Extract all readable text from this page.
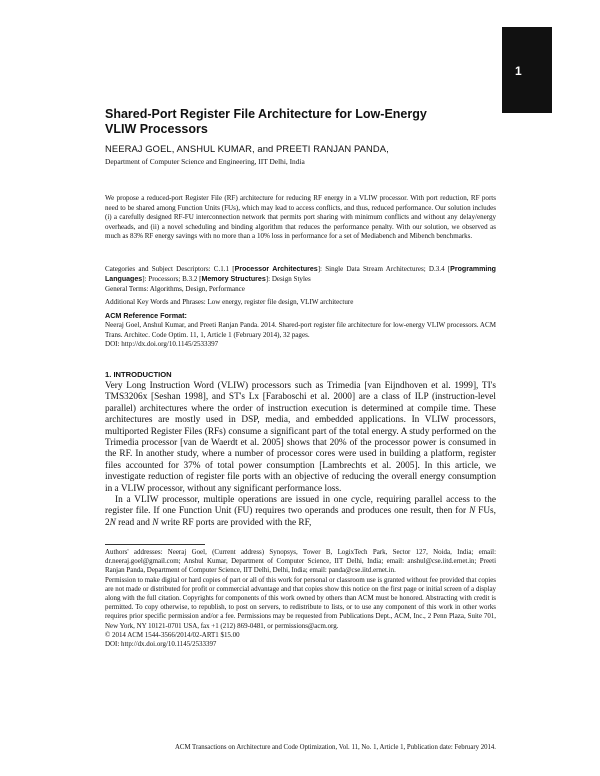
1
Shared-Port Register File Architecture for Low-Energy
VLIW Processors

NEERAJ GOEL, ANSHUL KUMAR, and PREETI RANJAN PANDA,

Department of Computer Science and Engineering, IIT Delhi, India

We propose a reduced-port Register File (RF) architecture for reducing RF energy in a VLIW processor. With port reduction, RF ports need to be shared among Function Units (FUs), which may lead to access conflicts, and thus, reduced performance. Our solution includes (i) a carefully designed RF-FU interconnection network that permits port sharing with minimum conflicts and without any delay/energy overheads, and (ii) a novel scheduling and binding algorithm that reduces the performance penalty. With our solution, we observed as much as 83% RF energy savings with no more than a 10% loss in performance for a set of Mediabench and Mibench benchmarks.

Categories and Subject Descriptors: C.1.1 [Processor Architectures]: Single Data Stream Architectures; D.3.4 [Programming Languages]: Processors; B.3.2 [Memory Structures]: Design Styles

General Terms: Algorithms, Design, Performance

Additional Key Words and Phrases: Low energy, register file design, VLIW architecture

ACM Reference Format:

Neeraj Goel, Anshul Kumar, and Preeti Ranjan Panda. 2014. Shared-port register file architecture for low-energy VLIW processors. ACM Trans. Architec. Code Optim. 11, 1, Article 1 (February 2014), 32 pages.
DOI: http://dx.doi.org/10.1145/2533397

1. INTRODUCTION

Very Long Instruction Word (VLIW) processors such as Trimedia [van Eijndhoven et al. 1999], TI's TMS3206x [Seshan 1998], and ST's Lx [Faraboschi et al. 2000] are a class of ILP (instruction-level parallel) architectures where the order of instruction execution is determined at compile time. These architectures are mostly used in DSP, media, and embedded applications. In VLIW processors, multiported Register Files (RFs) consume a significant part of the total energy. A study performed on the Trimedia processor [van de Waerdt et al. 2005] shows that 20% of the processor power is consumed in the RF. In another study, where a number of processor cores were used in building a platform, register files accounted for 37% of total power consumption [Lambrechts et al. 2005]. In this article, we investigate reduction of register file ports with an objective of reducing the overall energy consumption in a VLIW processor, without any significant performance loss.

In a VLIW processor, multiple operations are issued in one cycle, requiring parallel access to the register file. If one Function Unit (FU) requires two operands and produces one result, then for N FUs, 2N read and N write RF ports are provided with the RF,

Authors' addresses: Neeraj Goel, (Current address) Synopsys, Tower B, LogixTech Park, Sector 127, Noida, India; email: dr.neeraj.goel@gmail.com; Anshul Kumar, Department of Computer Science, IIT Delhi, India; email: anshul@cse.iitd.ernet.in; Preeti Ranjan Panda, Department of Computer Science, IIT Delhi, Delhi, India; email: panda@cse.iitd.ernet.in.

Permission to make digital or hard copies of part or all of this work for personal or classroom use is granted without fee provided that copies are not made or distributed for profit or commercial advantage and that copies show this notice on the first page or initial screen of a display along with the full citation. Copyrights for components of this work owned by others than ACM must be honored. Abstracting with credit is permitted. To copy otherwise, to republish, to post on servers, to redistribute to lists, or to use any component of this work in other works requires prior specific permission and/or a fee. Permissions may be requested from Publications Dept., ACM, Inc., 2 Penn Plaza, Suite 701, New York, NY 10121-0701 USA, fax +1 (212) 869-0481, or permissions@acm.org.

© 2014 ACM 1544-3566/2014/02-ART1 $15.00

DOI: http://dx.doi.org/10.1145/2533397

ACM Transactions on Architecture and Code Optimization, Vol. 11, No. 1, Article 1, Publication date: February 2014.
